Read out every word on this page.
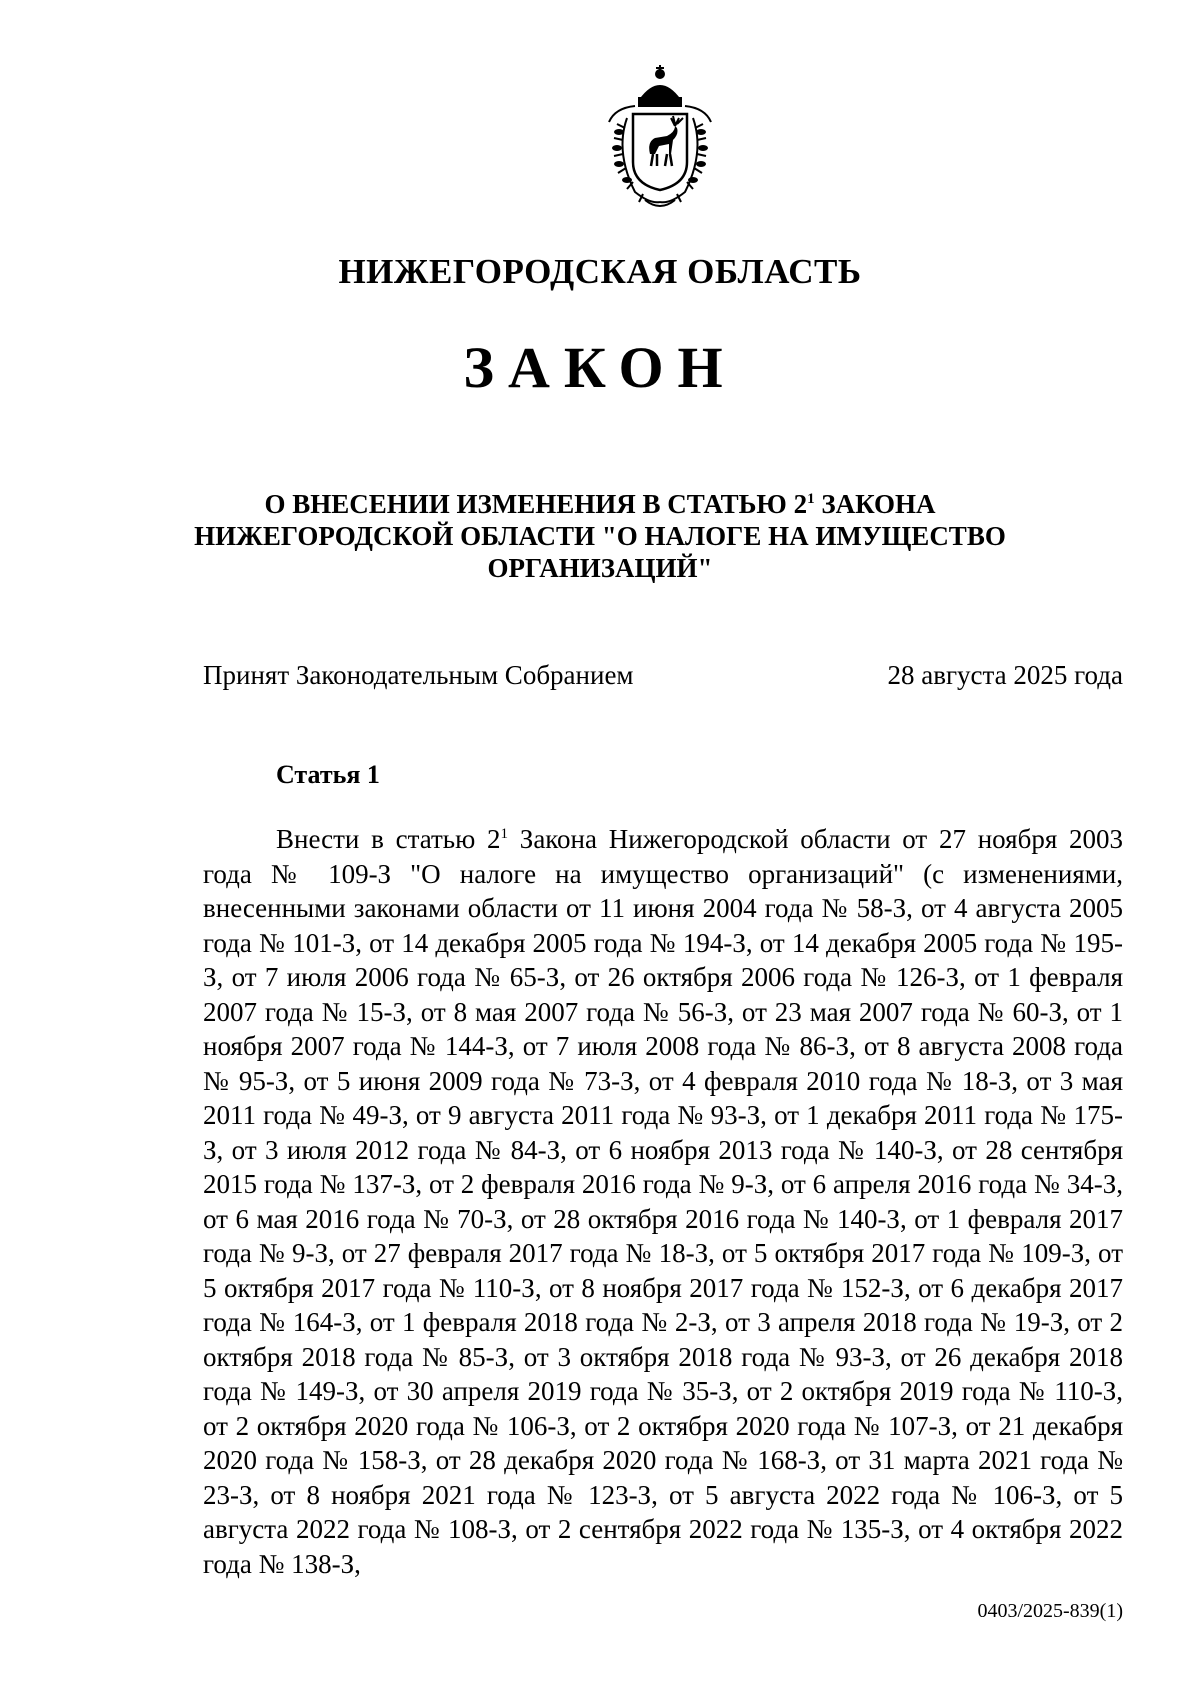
НИЖЕГОРОДСКАЯ ОБЛАСТЬ
ЗАКОН
О ВНЕСЕНИИ ИЗМЕНЕНИЯ В СТАТЬЮ $2^1$ ЗАКОНА
НИЖЕГОРОДСКОЙ ОБЛАСТИ "О НАЛОГЕ НА ИМУЩЕСТВО
ОРГАНИЗАЦИЙ"
Принят Законодательным Собранием	28 августа 2025 года
Статья 1
Внести в статью $2^1$ Закона Нижегородской области от 27 ноября 2003 года № 109-З "О налоге на имущество организаций" (с изменениями, внесенными законами области от 11 июня 2004 года № 58-З, от 4 августа 2005 года № 101-З, от 14 декабря 2005 года № 194-З, от 14 декабря 2005 года № 195-З, от 7 июля 2006 года № 65-З, от 26 октября 2006 года № 126-З, от 1 февраля 2007 года № 15-З, от 8 мая 2007 года № 56-З, от 23 мая 2007 года № 60-З, от 1 ноября 2007 года № 144-З, от 7 июля 2008 года № 86-З, от 8 августа 2008 года № 95-З, от 5 июня 2009 года № 73-З, от 4 февраля 2010 года № 18-З, от 3 мая 2011 года № 49-З, от 9 августа 2011 года № 93-З, от 1 декабря 2011 года № 175-З, от 3 июля 2012 года № 84-З, от 6 ноября 2013 года № 140-З, от 28 сентября 2015 года № 137-З, от 2 февраля 2016 года № 9-З, от 6 апреля 2016 года № 34-З, от 6 мая 2016 года № 70-З, от 28 октября 2016 года № 140-З, от 1 февраля 2017 года № 9-З, от 27 февраля 2017 года № 18-З, от 5 октября 2017 года № 109-З, от 5 октября 2017 года № 110-З, от 8 ноября 2017 года № 152-З, от 6 декабря 2017 года № 164-З, от 1 февраля 2018 года № 2-З, от 3 апреля 2018 года № 19-З, от 2 октября 2018 года № 85-З, от 3 октября 2018 года № 93-З, от 26 декабря 2018 года № 149-З, от 30 апреля 2019 года № 35-З, от 2 октября 2019 года № 110-З, от 2 октября 2020 года № 106-З, от 2 октября 2020 года № 107-З, от 21 декабря 2020 года № 158-З, от 28 декабря 2020 года № 168-З, от 31 марта 2021 года № 23-З, от 8 ноября 2021 года № 123-З, от 5 августа 2022 года № 106-З, от 5 августа 2022 года № 108-З, от 2 сентября 2022 года № 135-З, от 4 октября 2022 года № 138-З,
0403/2025-839(1)
